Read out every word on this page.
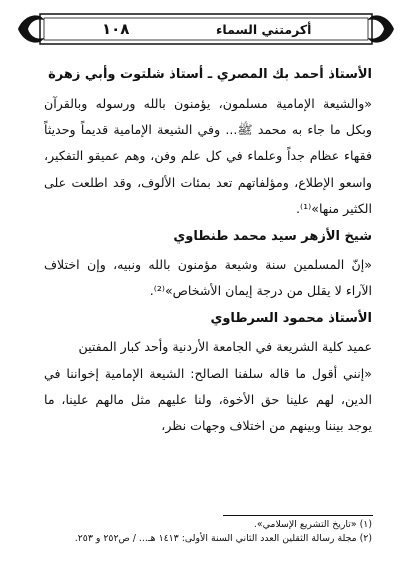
١٠٨	أكرمتني السماء
الأستاذ أحمد بك المصري ـ أستاذ شلتوت وأبي زهرة

«والشيعة الإمامية مسلمون، يؤمنون بالله ورسوله وبالقرآن وبكل ما جاء به محمد ﷺ... وفي الشيعة الإمامية قديماً وحديثاً فقهاء عظام جداً وعلماء في كل علم وفن، وهم عميقو التفكير، واسعو الإطلاع، ومؤلفاتهم تعد بمئات الألوف، وقد اطلعت على الكثير منها»⁽¹⁾.

شيخ الأزهر سيد محمد طنطاوي

«إنّ المسلمين سنة وشيعة مؤمنون بالله ونبيه، وإن اختلاف الآراء لا يقلل من درجة إيمان الأشخاص»⁽²⁾.

الأستاذ محمود السرطاوي

عميد كلية الشريعة في الجامعة الأردنية وأحد كبار المفتين

«إنني أقول ما قاله سلفنا الصالح: الشيعة الإمامية إخواننا في الدين، لهم علينا حق الأخوة، ولنا عليهم مثل مالهم علينا، ما يوجد بيننا وبينهم من اختلاف وجهات نظر،

(١) «تاريخ التشريع الإسلامي».

(٢) مجلة رسالة الثقلين العدد الثاني السنة الأولى: ١٤١٣ هـ... / ص٢٥٢ و ٢٥٣.
